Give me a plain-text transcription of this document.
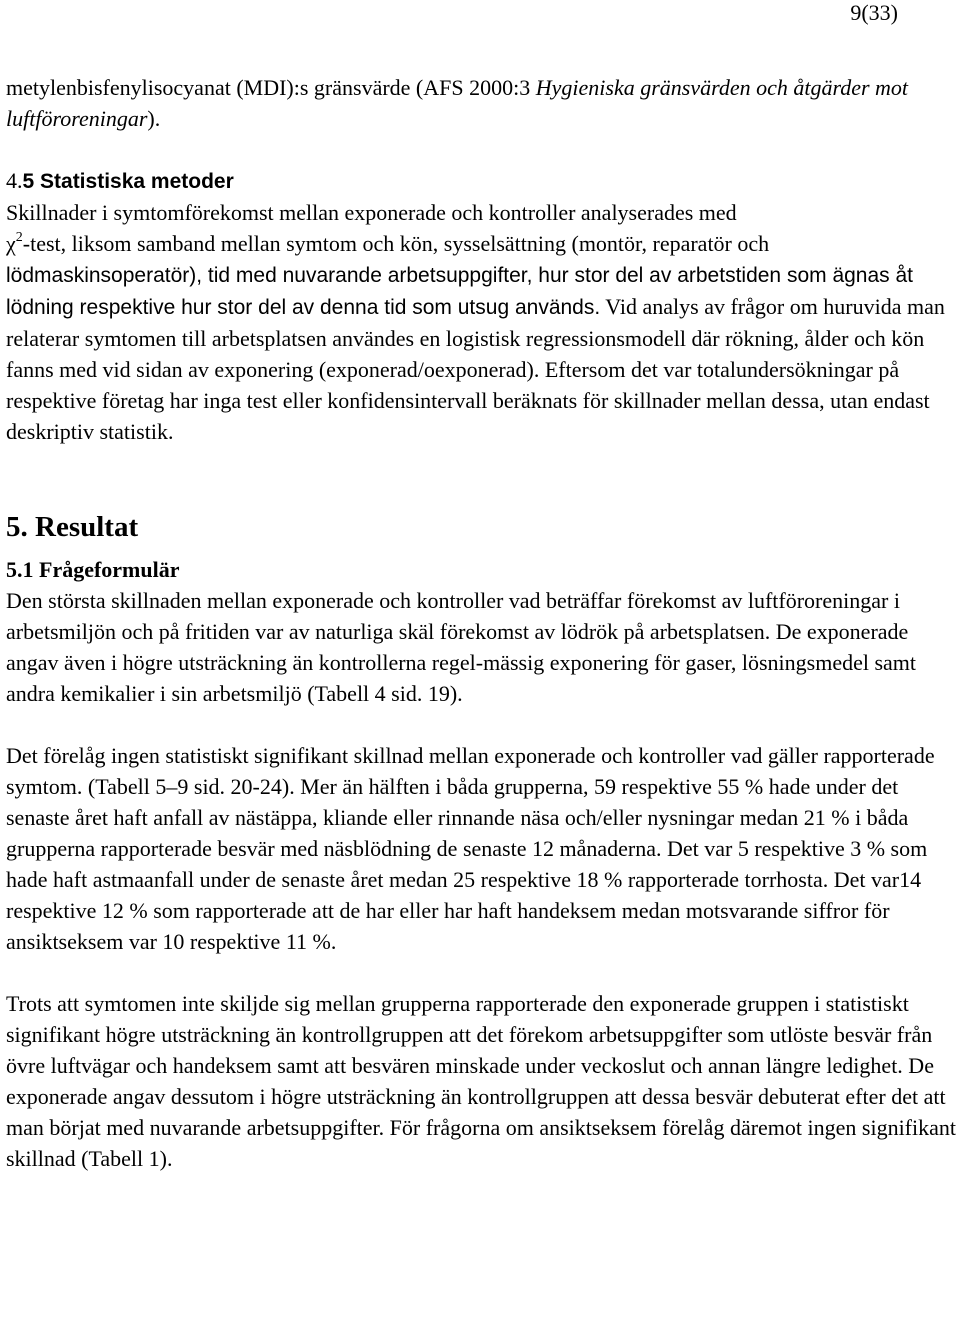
9(33)

metylenbisfenylisocyanat (MDI):s gränsvärde (AFS 2000:3 Hygieniska gränsvärden och åtgärder mot luftföroreningar).

4.5 Statistiska metoder

Skillnader i symtomförekomst mellan exponerade och kontroller analyserades med
$\chi^2$-test, liksom samband mellan symtom och kön, sysselsättning (montör, reparatör och lödmaskinsoperatör), tid med nuvarande arbetsuppgifter, hur stor del av arbetstiden som ägnas åt lödning respektive hur stor del av denna tid som utsug används. Vid analys av frågor om huruvida man relaterar symtomen till arbetsplatsen användes en logistisk regressionsmodell där rökning, ålder och kön fanns med vid sidan av exponering (exponerad/oexponerad). Eftersom det var totalundersökningar på respektive företag har inga test eller konfidensintervall beräknats för skillnader mellan dessa, utan endast deskriptiv statistik.

5. Resultat
5.1 Frågeformulär

Den största skillnaden mellan exponerade och kontroller vad beträffar förekomst av luftföroreningar i arbetsmiljön och på fritiden var av naturliga skäl förekomst av lödrök på arbetsplatsen. De exponerade angav även i högre utsträckning än kontrollerna regel-mässig exponering för gaser, lösningsmedel samt andra kemikalier i sin arbetsmiljö (Tabell 4 sid. 19).

Det förelåg ingen statistiskt signifikant skillnad mellan exponerade och kontroller vad gäller rapporterade symtom. (Tabell 5–9 sid. 20-24). Mer än hälften i båda grupperna, 59 respektive 55 % hade under det senaste året haft anfall av nästäppa, kliande eller rinnande näsa och/eller nysningar medan 21 % i båda grupperna rapporterade besvär med näsblödning de senaste 12 månaderna. Det var 5 respektive 3 % som hade haft astmaanfall under de senaste året medan 25 respektive 18 % rapporterade torrhosta. Det var14 respektive 12 % som rapporterade att de har eller har haft handeksem medan motsvarande siffror för ansiktseksem var 10 respektive 11 %.

Trots att symtomen inte skiljde sig mellan grupperna rapporterade den exponerade gruppen i statistiskt signifikant högre utsträckning än kontrollgruppen att det förekom arbetsuppgifter som utlöste besvär från övre luftvägar och handeksem samt att besvären minskade under veckoslut och annan längre ledighet. De exponerade angav dessutom i högre utsträckning än kontrollgruppen att dessa besvär debuterat efter det att man börjat med nuvarande arbetsuppgifter. För frågorna om ansiktseksem förelåg däremot ingen signifikant skillnad (Tabell 1).
